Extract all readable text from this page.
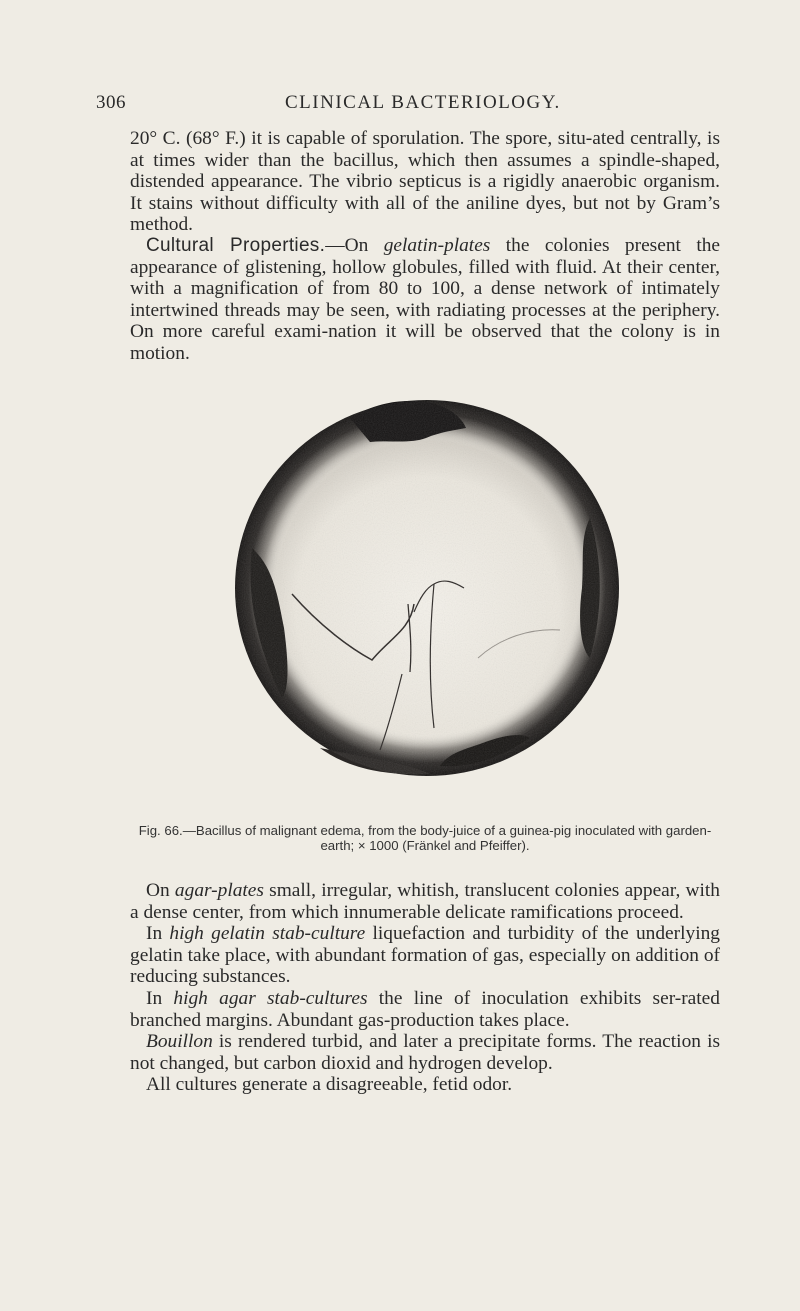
306	CLINICAL BACTERIOLOGY.

20° C. (68° F.) it is capable of sporulation. The spore, situ-ated centrally, is at times wider than the bacillus, which then assumes a spindle-shaped, distended appearance. The vibrio septicus is a rigidly anaerobic organism. It stains without difficulty with all of the aniline dyes, but not by Gram’s method.

Cultural Properties.—On gelatin-plates the colonies present the appearance of glistening, hollow globules, filled with fluid. At their center, with a magnification of from 80 to 100, a dense network of intimately intertwined threads may be seen, with radiating processes at the periphery. On more careful exami-nation it will be observed that the colony is in motion.

Fig. 66.—Bacillus of malignant edema, from the body-juice of a guinea-pig inoculated with garden-earth; × 1000 (Fränkel and Pfeiffer).

On agar-plates small, irregular, whitish, translucent colonies appear, with a dense center, from which innumerable delicate ramifications proceed.

In high gelatin stab-culture liquefaction and turbidity of the underlying gelatin take place, with abundant formation of gas, especially on addition of reducing substances.

In high agar stab-cultures the line of inoculation exhibits ser-rated branched margins. Abundant gas-production takes place.

Bouillon is rendered turbid, and later a precipitate forms. The reaction is not changed, but carbon dioxid and hydrogen develop.

All cultures generate a disagreeable, fetid odor.
